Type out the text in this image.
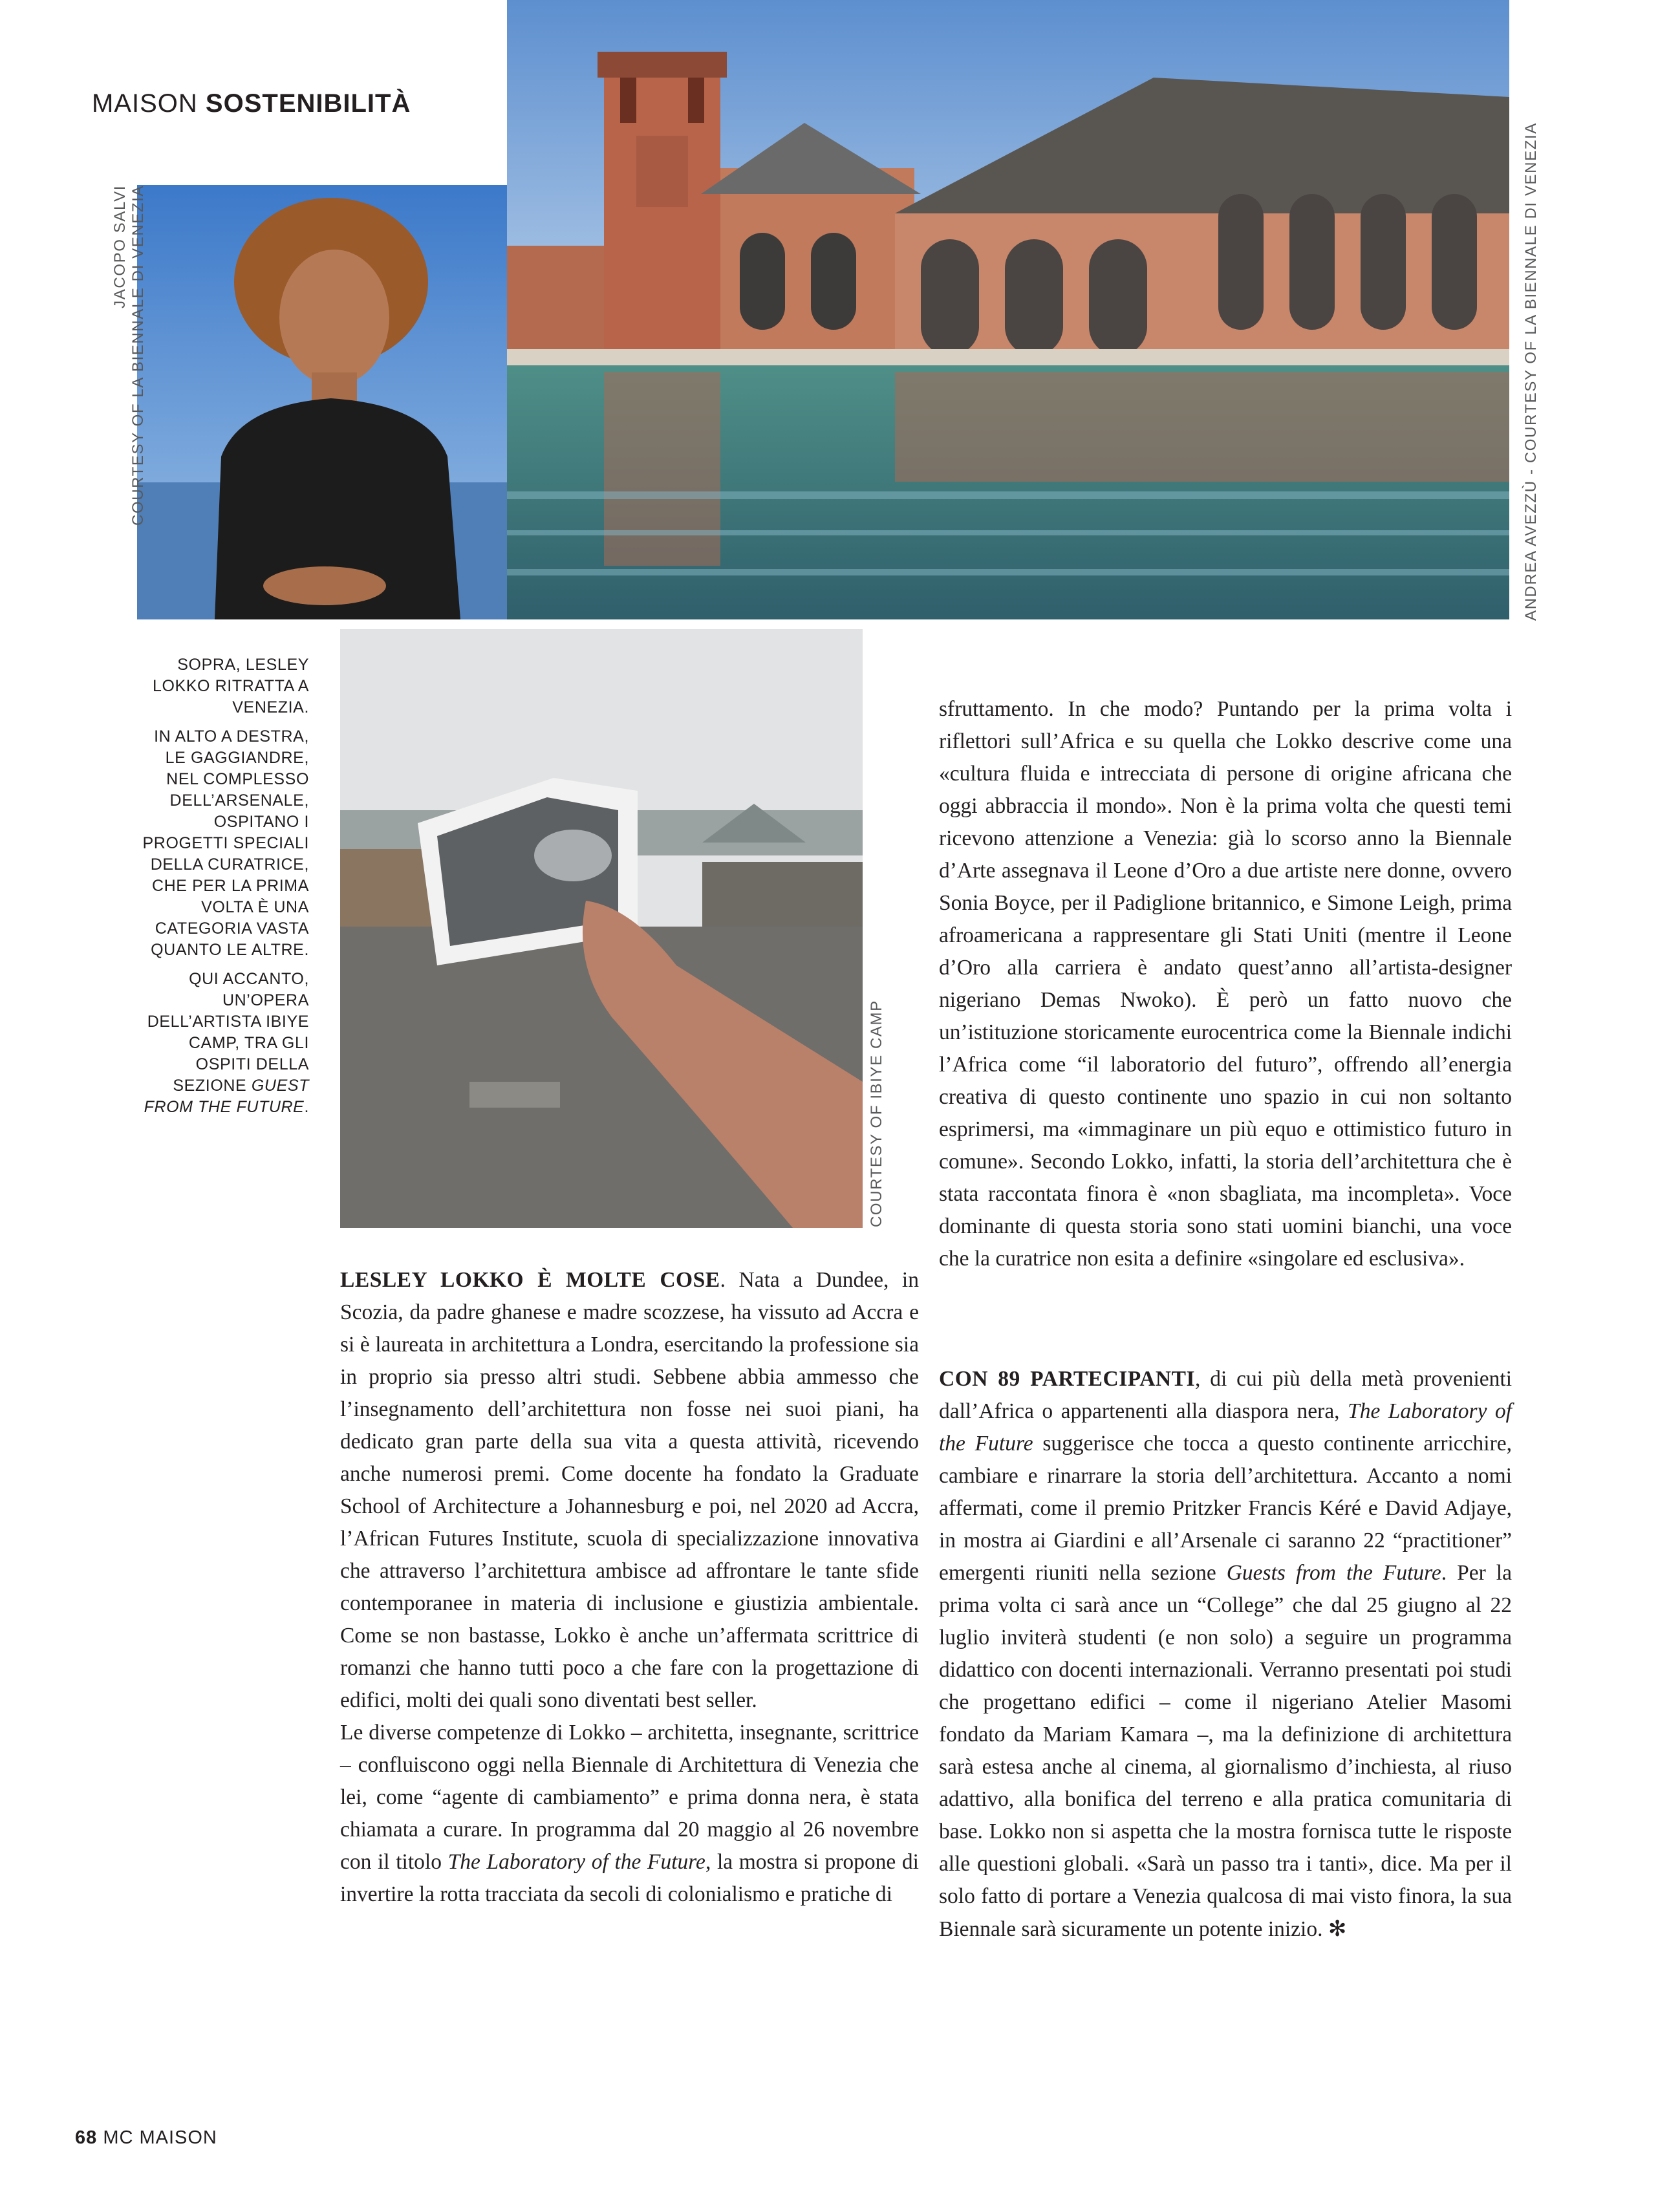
MAISON SOSTENIBILITÀ
JACOPO SALVI
COURTESY OF LA BIENNALE DI VENEZIA	ANDREA AVEZZÙ - COURTESY OF LA BIENNALE DI VENEZIA
COURTESY OF IBIYE CAMP

SOPRA, LESLEY LOKKO RITRATTA A VENEZIA.

IN ALTO A DESTRA, LE GAGGIANDRE, NEL COMPLESSO DELL’ARSENALE, OSPITANO I PROGETTI SPECIALI DELLA CURATRICE, CHE PER LA PRIMA VOLTA È UNA CATEGORIA VASTA QUANTO LE ALTRE.

QUI ACCANTO, UN’OPERA DELL’ARTISTA IBIYE CAMP, TRA GLI OSPITI DELLA SEZIONE GUEST FROM THE FUTURE.

LESLEY LOKKO È MOLTE COSE. Nata a Dundee, in Scozia, da padre ghanese e madre scozzese, ha vissuto ad Accra e si è laureata in architettura a Londra, esercitando la professione sia in proprio sia presso altri studi. Sebbene abbia ammesso che l’insegnamento dell’architettura non fosse nei suoi piani, ha dedicato gran parte della sua vita a questa attività, ricevendo anche numerosi premi. Come docente ha fondato la Graduate School of Architecture a Johannesburg e poi, nel 2020 ad Accra, l’African Futures Institute, scuola di specializzazione innovativa che attraverso l’architettura ambisce ad affrontare le tante sfide contemporanee in materia di inclusione e giustizia ambientale. Come se non bastasse, Lokko è anche un’affermata scrittrice di romanzi che hanno tutti poco a che fare con la progettazione di edifici, molti dei quali sono diventati best seller.

Le diverse competenze di Lokko – architetta, insegnante, scrittrice – confluiscono oggi nella Biennale di Architettura di Venezia che lei, come “agente di cambiamento” e prima donna nera, è stata chiamata a curare. In programma dal 20 maggio al 26 novembre con il titolo The Laboratory of the Future, la mostra si propone di invertire la rotta tracciata da secoli di colonialismo e pratiche di

sfruttamento. In che modo? Puntando per la prima volta i riflettori sull’Africa e su quella che Lokko descrive come una «cultura fluida e intrecciata di persone di origine africana che oggi abbraccia il mondo». Non è la prima volta che questi temi ricevono attenzione a Venezia: già lo scorso anno la Biennale d’Arte assegnava il Leone d’Oro a due artiste nere donne, ovvero Sonia Boyce, per il Padiglione britannico, e Simone Leigh, prima afroamericana a rappresentare gli Stati Uniti (mentre il Leone d’Oro alla carriera è andato quest’anno all’artista-designer nigeriano Demas Nwoko). È però un fatto nuovo che un’istituzione storicamente eurocentrica come la Biennale indichi l’Africa come “il laboratorio del futuro”, offrendo all’energia creativa di questo continente uno spazio in cui non soltanto esprimersi, ma «immaginare un più equo e ottimistico futuro in comune». Secondo Lokko, infatti, la storia dell’architettura che è stata raccontata finora è «non sbagliata, ma incompleta». Voce dominante di questa storia sono stati uomini bianchi, una voce che la curatrice non esita a definire «singolare ed esclusiva».

CON 89 PARTECIPANTI, di cui più della metà provenienti dall’Africa o appartenenti alla diaspora nera, The Laboratory of the Future suggerisce che tocca a questo continente arricchire, cambiare e rinarrare la storia dell’architettura. Accanto a nomi affermati, come il premio Pritzker Francis Kéré e David Adjaye, in mostra ai Giardini e all’Arsenale ci saranno 22 “practitioner” emergenti riuniti nella sezione Guests from the Future. Per la prima volta ci sarà ance un “College” che dal 25 giugno al 22 luglio inviterà studenti (e non solo) a seguire un programma didattico con docenti internazionali. Verranno presentati poi studi che progettano edifici – come il nigeriano Atelier Masomi fondato da Mariam Kamara –, ma la definizione di architettura sarà estesa anche al cinema, al giornalismo d’inchiesta, al riuso adattivo, alla bonifica del terreno e alla pratica comunitaria di base. Lokko non si aspetta che la mostra fornisca tutte le risposte alle questioni globali. «Sarà un passo tra i tanti», dice. Ma per il solo fatto di portare a Venezia qualcosa di mai visto finora, la sua Biennale sarà sicuramente un potente inizio. ✻

68 MC MAISON
